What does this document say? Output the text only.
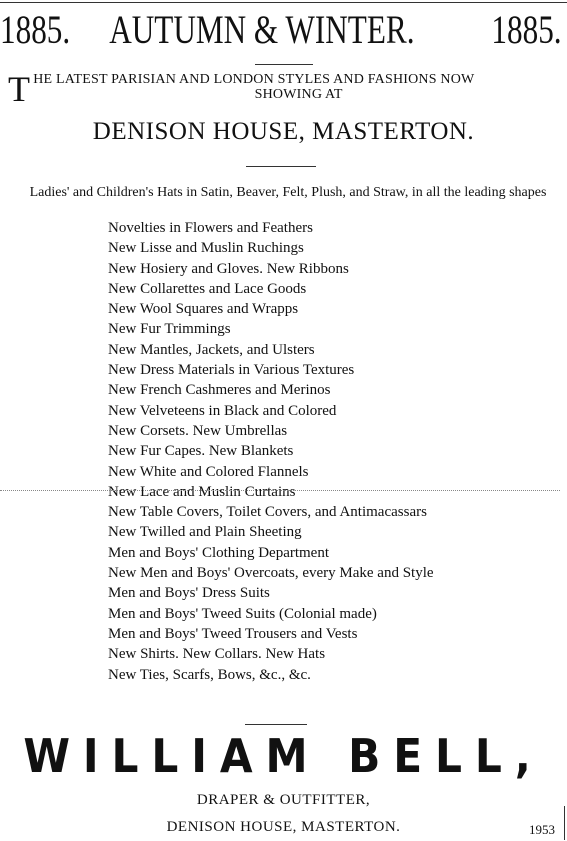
1885. AUTUMN & WINTER. 1885.
T HE LATEST PARISIAN AND LONDON STYLES AND FASHIONS NOW
SHOWING AT
DENISON HOUSE, MASTERTON.
Ladies' and Children's Hats in Satin, Beaver, Felt, Plush, and Straw, in all the leading shapes
Novelties in Flowers and Feathers
New Lisse and Muslin Ruchings
New Hosiery and Gloves. New Ribbons
New Collarettes and Lace Goods
New Wool Squares and Wrapps
New Fur Trimmings
New Mantles, Jackets, and Ulsters
New Dress Materials in Various Textures
New French Cashmeres and Merinos
New Velveteens in Black and Colored
New Corsets. New Umbrellas
New Fur Capes. New Blankets
New White and Colored Flannels
New Lace and Muslin Curtains
New Table Covers, Toilet Covers, and Antimacassars
New Twilled and Plain Sheeting
Men and Boys' Clothing Department
New Men and Boys' Overcoats, every Make and Style
Men and Boys' Dress Suits
Men and Boys' Tweed Suits (Colonial made)
Men and Boys' Tweed Trousers and Vests
New Shirts. New Collars. New Hats
New Ties, Scarfs, Bows, &c., &c.
WILLIAM BELL,
DRAPER & OUTFITTER,
DENISON HOUSE, MASTERTON.	1953
